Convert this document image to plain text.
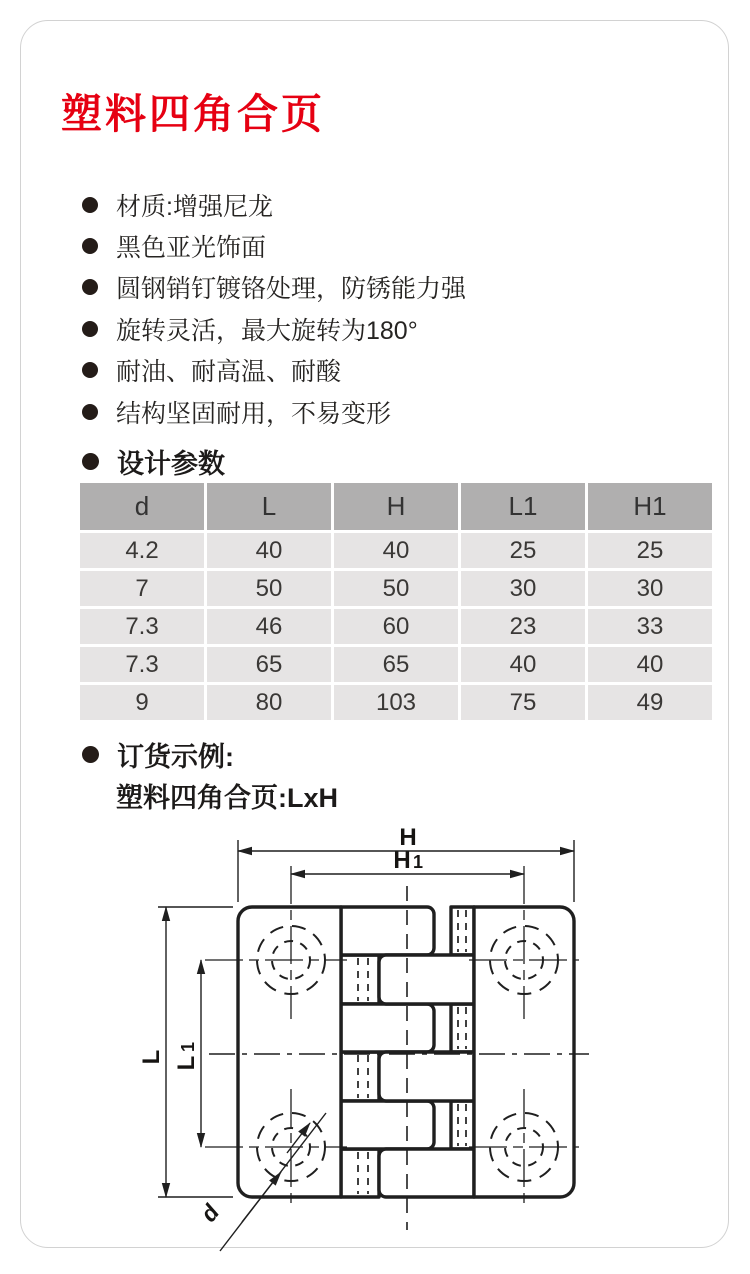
塑料四角合页
材质:增强尼龙
黑色亚光饰面
圆钢销钉镀铬处理，防锈能力强
旋转灵活，最大旋转为180°
耐油、耐高温、耐酸
结构坚固耐用，不易变形
设计参数
d	L	H	L1	H1
4.2	40	40	25	25
7	50	50	30	30
7.3	46	60	23	33
7.3	65	65	40	40
9	80	103	75	49
订货示例:
塑料四角合页:LxH
H
H 1
L L
1
d
